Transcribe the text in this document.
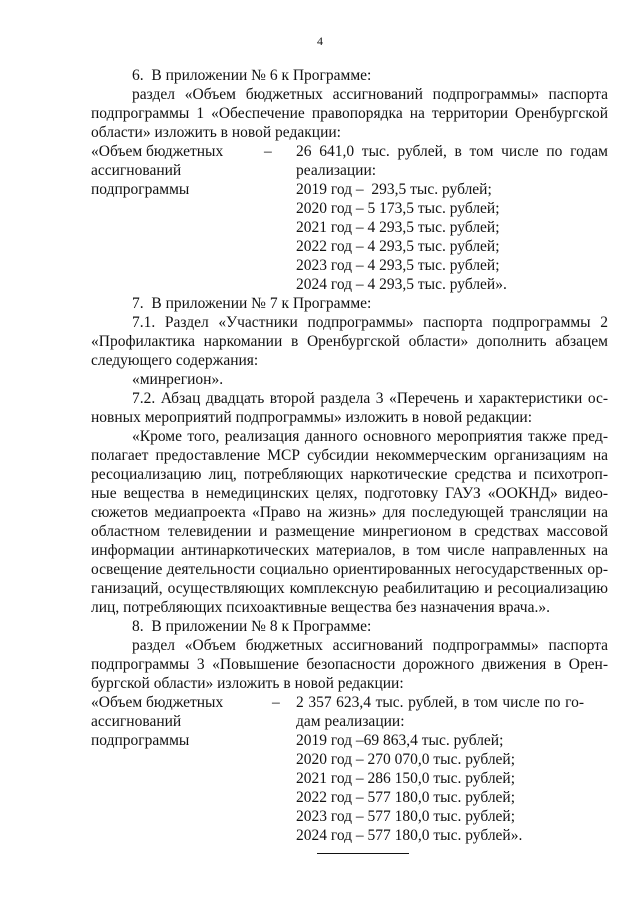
4
6.  В приложении № 6 к Программе:
раздел «Объем бюджетных ассигнований подпрограммы» паспорта
подпрограммы 1 «Обеспечение правопорядка на территории Оренбургской
области» изложить в новой редакции:
«Объем бюджетных
ассигнований
подпрограммы
– 26 641,0 тыс. рублей, в том числе по годам
реализации:
2019 год –  293,5 тыс. рублей;
2020 год – 5 173,5 тыс. рублей;
2021 год – 4 293,5 тыс. рублей;
2022 год – 4 293,5 тыс. рублей;
2023 год – 4 293,5 тыс. рублей;
2024 год – 4 293,5 тыс. рублей».
7.  В приложении № 7 к Программе:
7.1. Раздел «Участники подпрограммы» паспорта подпрограммы 2
«Профилактика наркомании в Оренбургской области» дополнить абзацем
следующего содержания:
«минрегион».
7.2. Абзац двадцать второй раздела 3 «Перечень и характеристики ос-
новных мероприятий подпрограммы» изложить в новой редакции:
«Кроме того, реализация данного основного мероприятия также пред-
полагает предоставление МСР субсидии некоммерческим организациям на
ресоциализацию лиц, потребляющих наркотические средства и психотроп-
ные вещества в немедицинских целях, подготовку ГАУЗ «ООКНД» видео-
сюжетов медиапроекта «Право на жизнь» для последующей трансляции на
областном телевидении и размещение минрегионом в средствах массовой
информации антинаркотических материалов, в том числе направленных на
освещение деятельности социально ориентированных негосударственных ор-
ганизаций, осуществляющих комплексную реабилитацию и ресоциализацию
лиц, потребляющих психоактивные вещества без назначения врача.».
8.  В приложении № 8 к Программе:
раздел «Объем бюджетных ассигнований подпрограммы» паспорта
подпрограммы 3 «Повышение безопасности дорожного движения в Орен-
бургской области» изложить в новой редакции:
«Объем бюджетных
ассигнований
подпрограммы
– 2 357 623,4 тыс. рублей, в том числе по го-
дам реализации:
2019 год –69 863,4 тыс. рублей;
2020 год – 270 070,0 тыс. рублей;
2021 год – 286 150,0 тыс. рублей;
2022 год – 577 180,0 тыс. рублей;
2023 год – 577 180,0 тыс. рублей;
2024 год – 577 180,0 тыс. рублей».
